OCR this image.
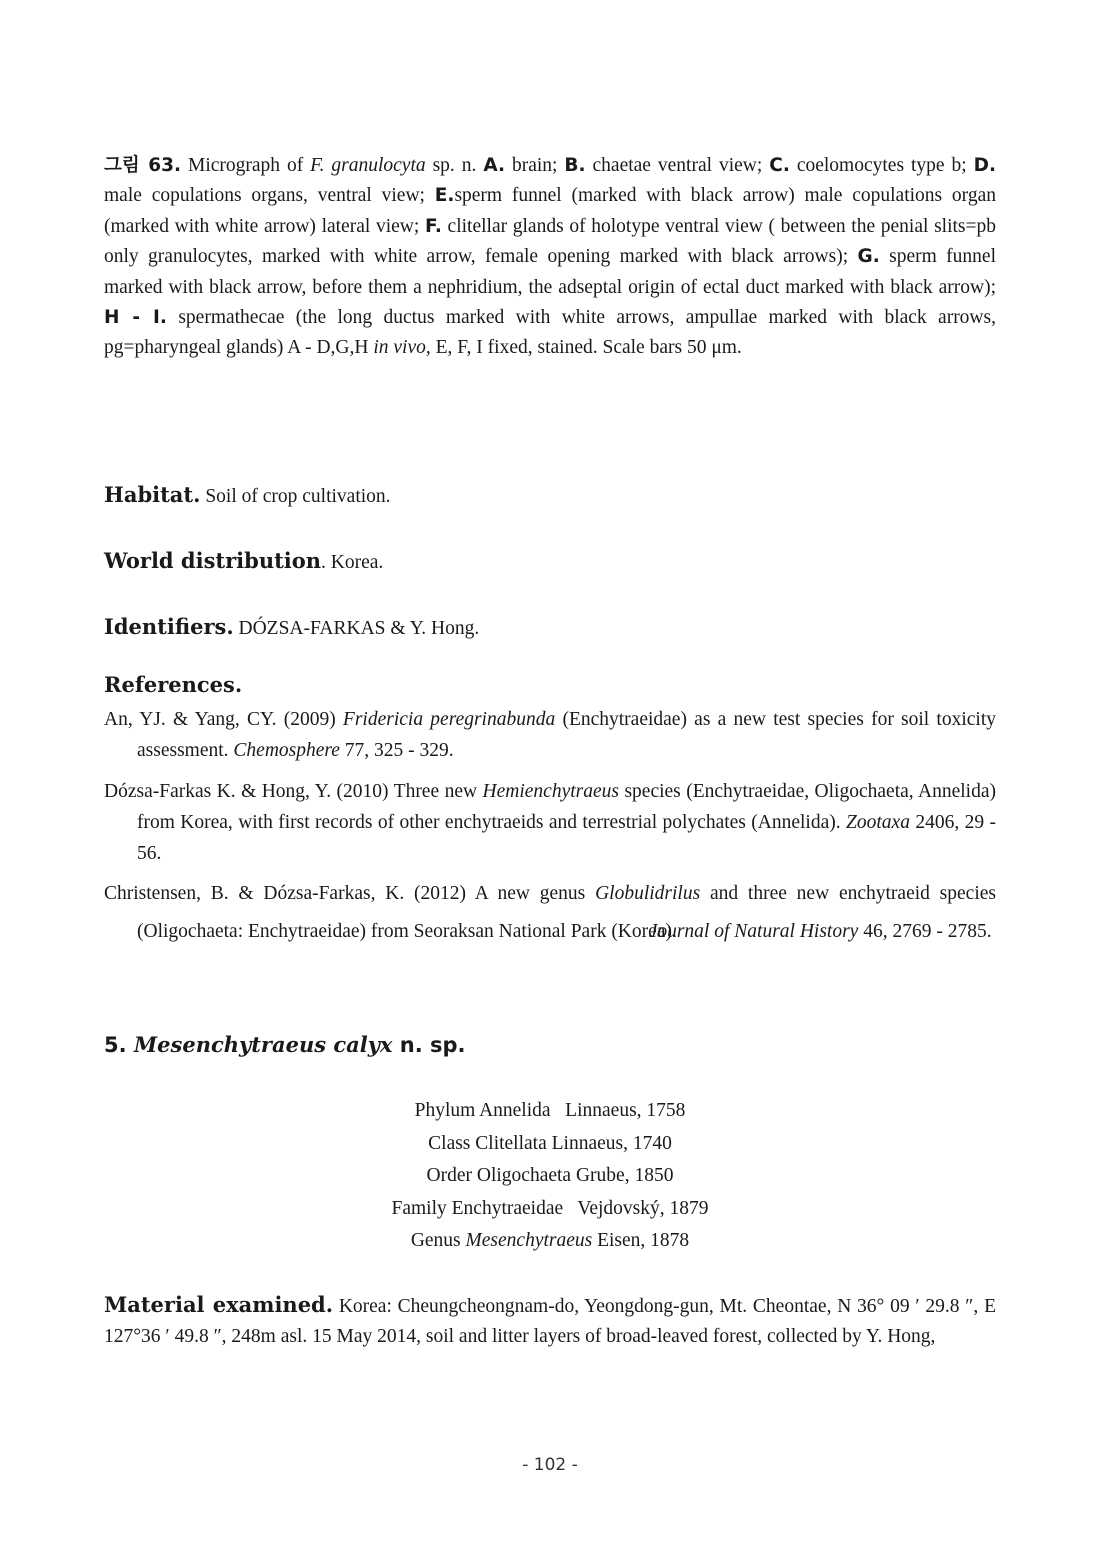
그림 63. Micrograph of F. granulocyta sp. n. A. brain; B. chaetae ventral view; C. coelomocytes type b; D. male copulations organs, ventral view; E.sperm funnel (marked with black arrow) male copulations organ (marked with white arrow) lateral view; F. clitellar glands of holotype ventral view ( between the penial slits=pb only granulocytes, marked with white arrow, female opening marked with black arrows); G. sperm funnel marked with black arrow, before them a nephridium, the adseptal origin of ectal duct marked with black arrow); H - I. spermathecae (the long ductus marked with white arrows, ampullae marked with black arrows, pg=pharyngeal glands) A - D,G,H in vivo, E, F, I fixed, stained. Scale bars 50 μm.

Habitat. Soil of crop cultivation.

World distribution. Korea.

Identifiers. DÓZSA-FARKAS & Y. Hong.

References.

An, YJ. & Yang, CY. (2009) Fridericia peregrinabunda (Enchytraeidae) as a new test species for soil toxicity assessment. Chemosphere 77, 325 - 329.

Dózsa-Farkas K. & Hong, Y. (2010) Three new Hemienchytraeus species (Enchytraeidae, Oligochaeta, Annelida) from Korea, with first records of other enchytraeids and terrestrial polychates (Annelida). Zootaxa 2406, 29 - 56.

Christensen, B. & Dózsa-Farkas, K. (2012) A new genus Globulidrilus and three new enchytraeid species (Oligochaeta: Enchytraeidae) from Seoraksan National Park (Korea). Journal of Natural History 46, 2769 - 2785.

5. Mesenchytraeus calyx n. sp.
Phylum Annelida   Linnaeus, 1758
Class Clitellata Linnaeus, 1740
Order Oligochaeta Grube, 1850
Family Enchytraeidae   Vejdovský, 1879
Genus Mesenchytraeus Eisen, 1878

Material examined. Korea: Cheungcheongnam-do, Yeongdong-gun, Mt. Cheontae, N 36° 09 ′ 29.8 ″, E 127°36 ′ 49.8 ″, 248m asl. 15 May 2014, soil and litter layers of broad-leaved forest, collected by Y. Hong,

- 102 -
